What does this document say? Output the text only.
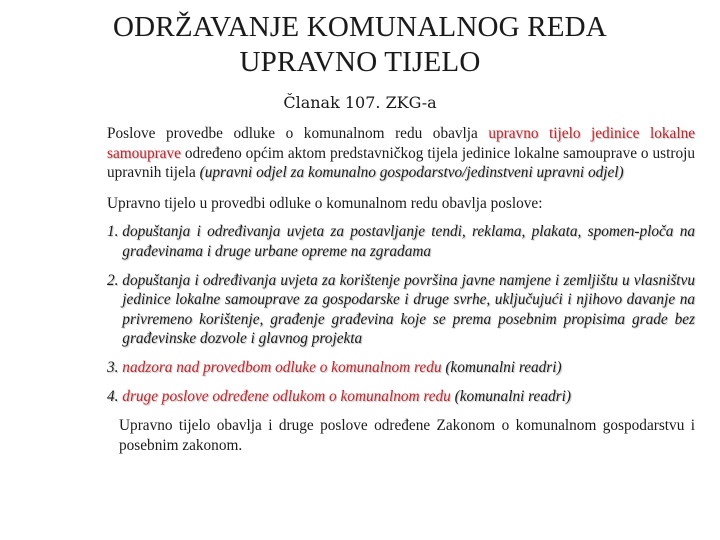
ODRŽAVANJE KOMUNALNOG REDA
UPRAVNO TIJELO
Članak 107. ZKG-a

Poslove provedbe odluke o komunalnom redu obavlja upravno tijelo jedinice lokalne samouprave određeno općim aktom predstavničkog tijela jedinice lokalne samouprave o ustroju upravnih tijela (upravni odjel za komunalno gospodarstvo/jedinstveni upravni odjel)

Upravno tijelo u provedbi odluke o komunalnom redu obavlja poslove:

1. dopuštanja i određivanja uvjeta za postavljanje tendi, reklama, plakata, spomen-ploča na građevinama i druge urbane opreme na zgradama
2. dopuštanja i određivanja uvjeta za korištenje površina javne namjene i zemljištu u vlasništvu jedinice lokalne samouprave za gospodarske i druge svrhe, uključujući i njihovo davanje na privremeno korištenje, građenje građevina koje se prema posebnim propisima grade bez građevinske dozvole i glavnog projekta
3. nadzora nad provedbom odluke o komunalnom redu (komunalni readri)
4. druge poslove određene odlukom o komunalnom redu (komunalni readri)

Upravno tijelo obavlja i druge poslove određene Zakonom o komunalnom gospodarstvu i posebnim zakonom.
